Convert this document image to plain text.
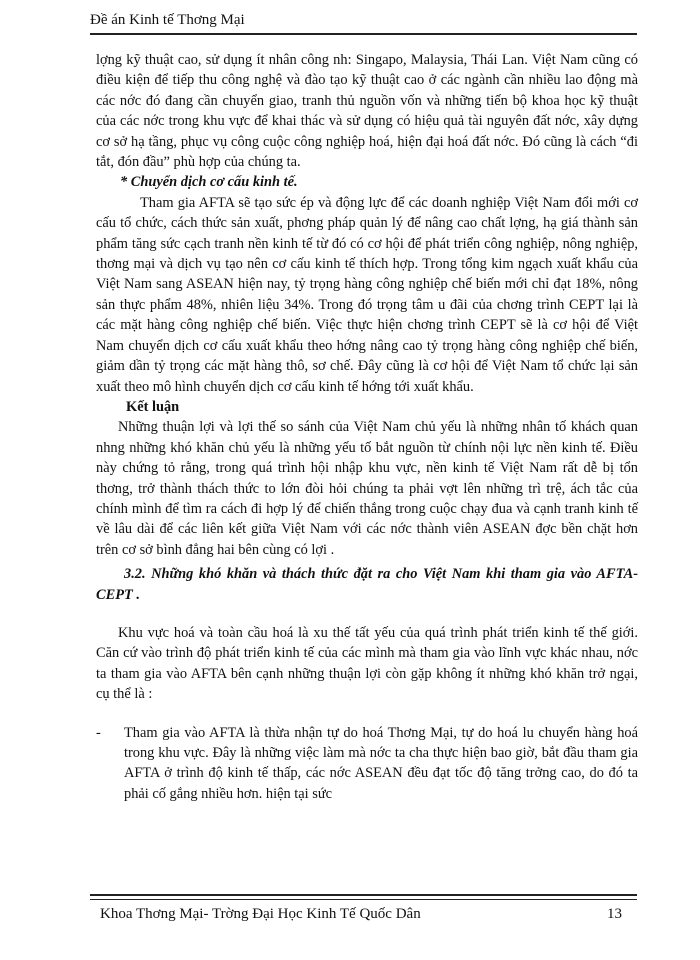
Đề án Kinh tế Thơng Mại

lợng kỹ thuật cao, sử dụng ít nhân công nh: Singapo, Malaysia, Thái Lan. Việt Nam cũng có điều kiện để tiếp thu công nghệ và đào tạo kỹ thuật cao ở các ngành cần nhiều lao động mà các nớc đó đang cần chuyển giao, tranh thủ nguồn vốn và những tiến bộ khoa học kỹ thuật của các nớc trong khu vực để khai thác và sử dụng có hiệu quả tài nguyên đất nớc, xây dựng cơ sở hạ tầng, phục vụ công cuộc công nghiệp hoá, hiện đại hoá đất nớc. Đó cũng là cách “đi tắt, đón đầu” phù hợp của chúng ta.

* Chuyển dịch cơ cấu kinh tế.

Tham gia AFTA sẽ tạo sức ép và động lực để các doanh nghiệp Việt Nam đổi mới cơ cấu tổ chức, cách thức sản xuất, phơng pháp quản lý để nâng cao chất lợng, hạ giá thành sản phẩm tăng sức cạch tranh nền kinh tế từ đó có cơ hội để phát triển công nghiệp, nông nghiệp, thơng mại và dịch vụ tạo nên cơ cấu kinh tế thích hợp. Trong tổng kim ngạch xuất khẩu của Việt Nam sang ASEAN hiện nay, tỷ trọng hàng công nghiệp chế biến mới chỉ đạt 18%, nông sản thực phẩm 48%, nhiên liệu 34%. Trong đó trọng tâm u đãi của chơng trình CEPT lại là các mặt hàng công nghiệp chế biến. Việc thực hiện chơng trình CEPT sẽ là cơ hội để Việt Nam chuyển dịch cơ cấu xuất khẩu theo hớng nâng cao tỷ trọng hàng công nghiệp chế biến, giảm dần tỷ trọng các mặt hàng thô, sơ chế. Đây cũng là cơ hội để Việt Nam tổ chức lại sản xuất theo mô hình chuyển dịch cơ cấu kinh tế hớng tới xuất khẩu.

Kết luận

Những thuận lợi và lợi thế so sánh của Việt Nam chủ yếu là những nhân tố khách quan nhng những khó khăn chủ yếu là những yếu tố bắt nguồn từ chính nội lực nền kinh tế. Điều này chứng tỏ rằng, trong quá trình hội nhập khu vực, nền kinh tế Việt Nam rất dễ bị tổn thơng, trở thành thách thức to lớn đòi hỏi chúng ta phải vợt lên những trì trệ, ách tắc của chính mình để tìm ra cách đi hợp lý để chiến thắng trong cuộc chạy đua và cạnh tranh kinh tế về lâu dài để các liên kết giữa Việt Nam với các nớc thành viên ASEAN đợc bền chặt hơn trên cơ sở bình đẳng hai bên cùng có lợi .

3.2. Những khó khăn và thách thức đặt ra cho Việt Nam khi tham gia vào AFTA-CEPT .

Khu vực hoá và toàn cầu hoá là xu thế tất yếu của quá trình phát triển kinh tế thế giới. Căn cứ vào trình độ phát triển kinh tế của các mình mà tham gia vào lĩnh vực khác nhau, nớc ta tham gia vào AFTA bên cạnh những thuận lợi còn gặp không ít những khó khăn trở ngại, cụ thể là :

-	Tham gia vào AFTA là thừa nhận tự do hoá Thơng Mại, tự do hoá lu chuyển hàng hoá trong khu vực. Đây là những việc làm mà nớc ta cha thực hiện bao giờ, bắt đầu tham gia AFTA ở trình độ kinh tế thấp, các nớc ASEAN đều đạt tốc độ tăng trởng cao, do đó ta phải cố gắng nhiều hơn. hiện tại sức
Khoa Thơng Mại- Trờng Đại Học Kinh Tế Quốc Dân	13
